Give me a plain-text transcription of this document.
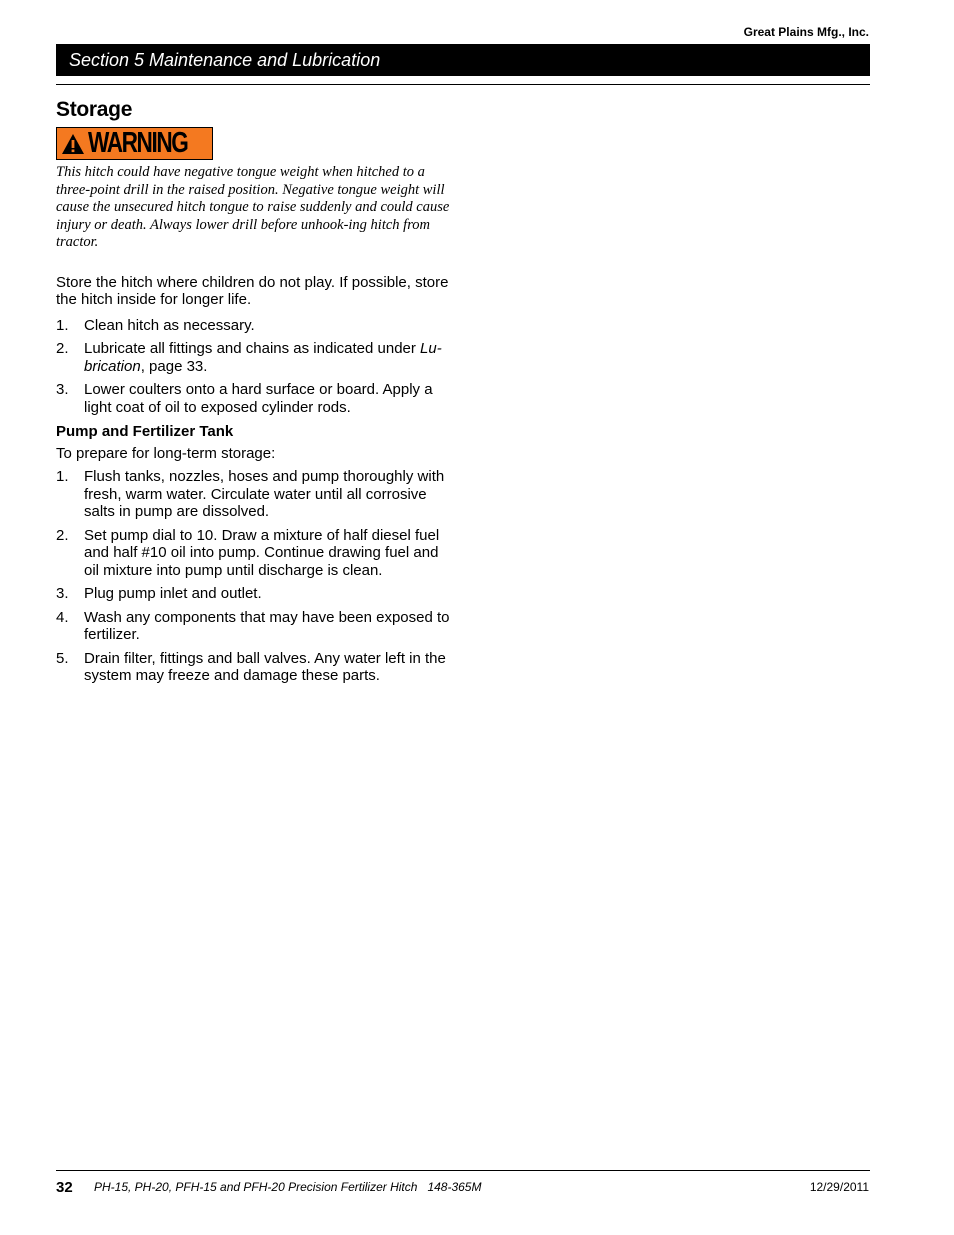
Great Plains Mfg., Inc.
Section 5 Maintenance and Lubrication
Storage
WARNING

This hitch could have negative tongue weight when hitched to a three-point drill in the raised position. Negative tongue weight will cause the unsecured hitch tongue to raise suddenly and could cause injury or death. Always lower drill before unhook-ing hitch from tractor.

Store the hitch where children do not play. If possible, store the hitch inside for longer life.

1.	Clean hitch as necessary.
2.	Lubricate all fittings and chains as indicated under Lu-brication, page 33.
3.	Lower coulters onto a hard surface or board. Apply a light coat of oil to exposed cylinder rods.
Pump and Fertilizer Tank

To prepare for long-term storage:

1.	Flush tanks, nozzles, hoses and pump thoroughly with fresh, warm water. Circulate water until all corrosive salts in pump are dissolved.
2.	Set pump dial to 10. Draw a mixture of half diesel fuel and half #10 oil into pump. Continue drawing fuel and oil mixture into pump until discharge is clean.
3.	Plug pump inlet and outlet.
4.	Wash any components that may have been exposed to fertilizer.
5.	Drain filter, fittings and ball valves. Any water left in the system may freeze and damage these parts.
32 PH-15, PH-20, PFH-15 and PFH-20 Precision Fertilizer Hitch   148-365M	12/29/2011
